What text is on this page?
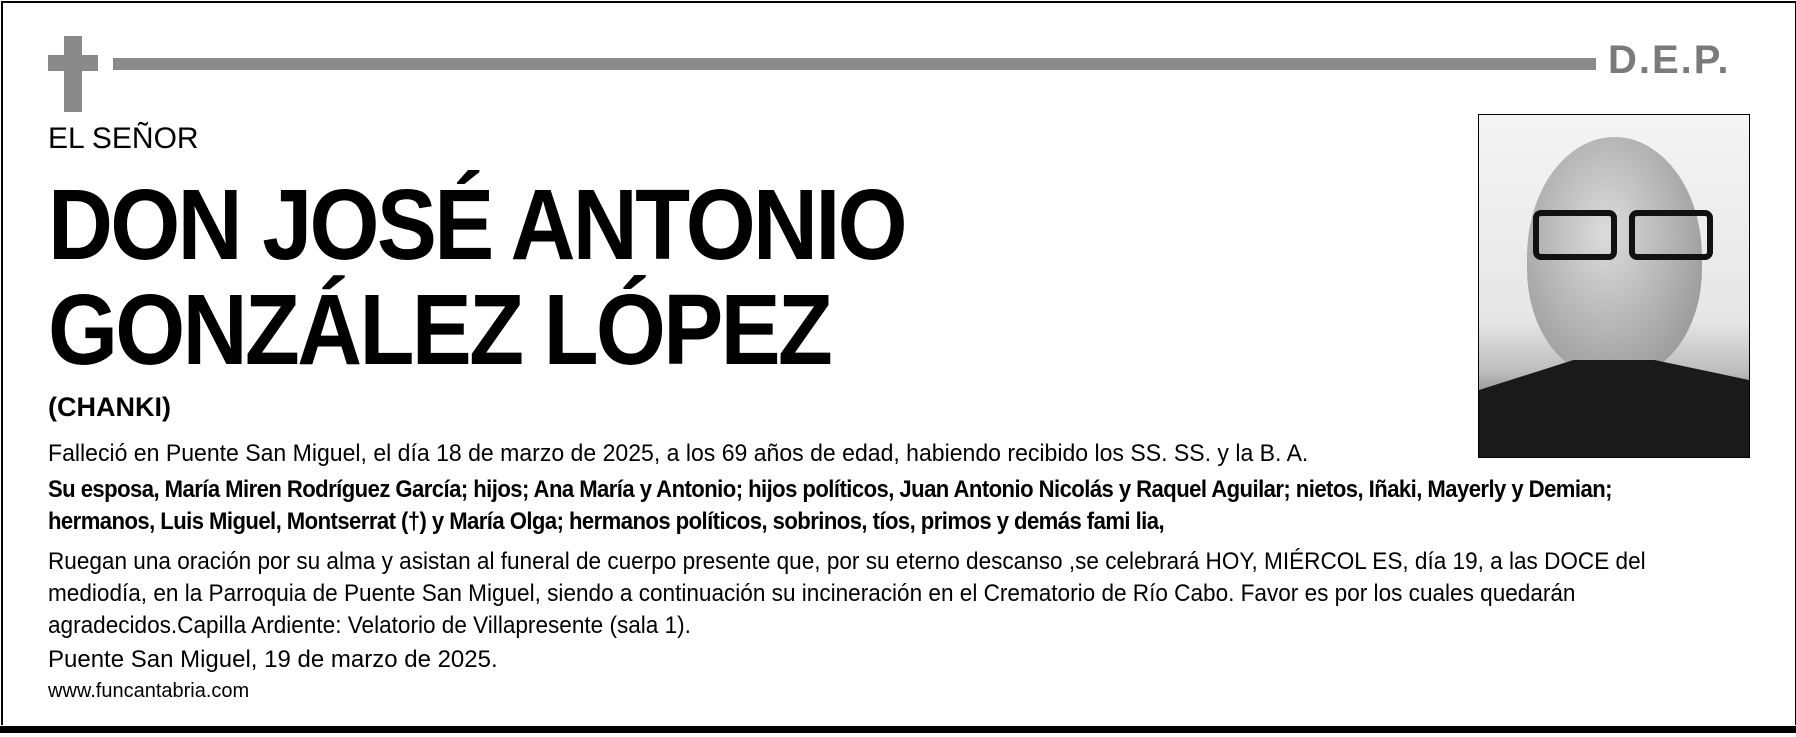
D.E.P.
EL SEÑOR
DON JOSÉ ANTONIO
GONZÁLEZ LÓPEZ
(CHANKI)
Falleció en Puente San Miguel, el día 18 de marzo de 2025, a los 69 años de edad, habiendo recibido los SS. SS. y la B. A.
Su esposa, María Miren Rodríguez García; hijos; Ana María y Antonio; hijos políticos, Juan Antonio Nicolás y Raquel Aguilar; nietos, Iñaki, Mayerly y Demian; hermanos, Luis Miguel, Montserrat (†) y María Olga; hermanos políticos, sobrinos, tíos, primos y demás fami lia,
Ruegan una oración por su alma y asistan al funeral de cuerpo presente que, por su eterno descanso ,se celebrará HOY, MIÉRCOL ES, día 19, a las DOCE del mediodía, en la Parroquia de Puente San Miguel, siendo a continuación su incineración en el Crematorio de Río Cabo. Favor es por los cuales quedarán agradecidos.Capilla Ardiente: Velatorio de Villapresente (sala 1).
Puente San Miguel, 19 de marzo de 2025.
www.funcantabria.com
